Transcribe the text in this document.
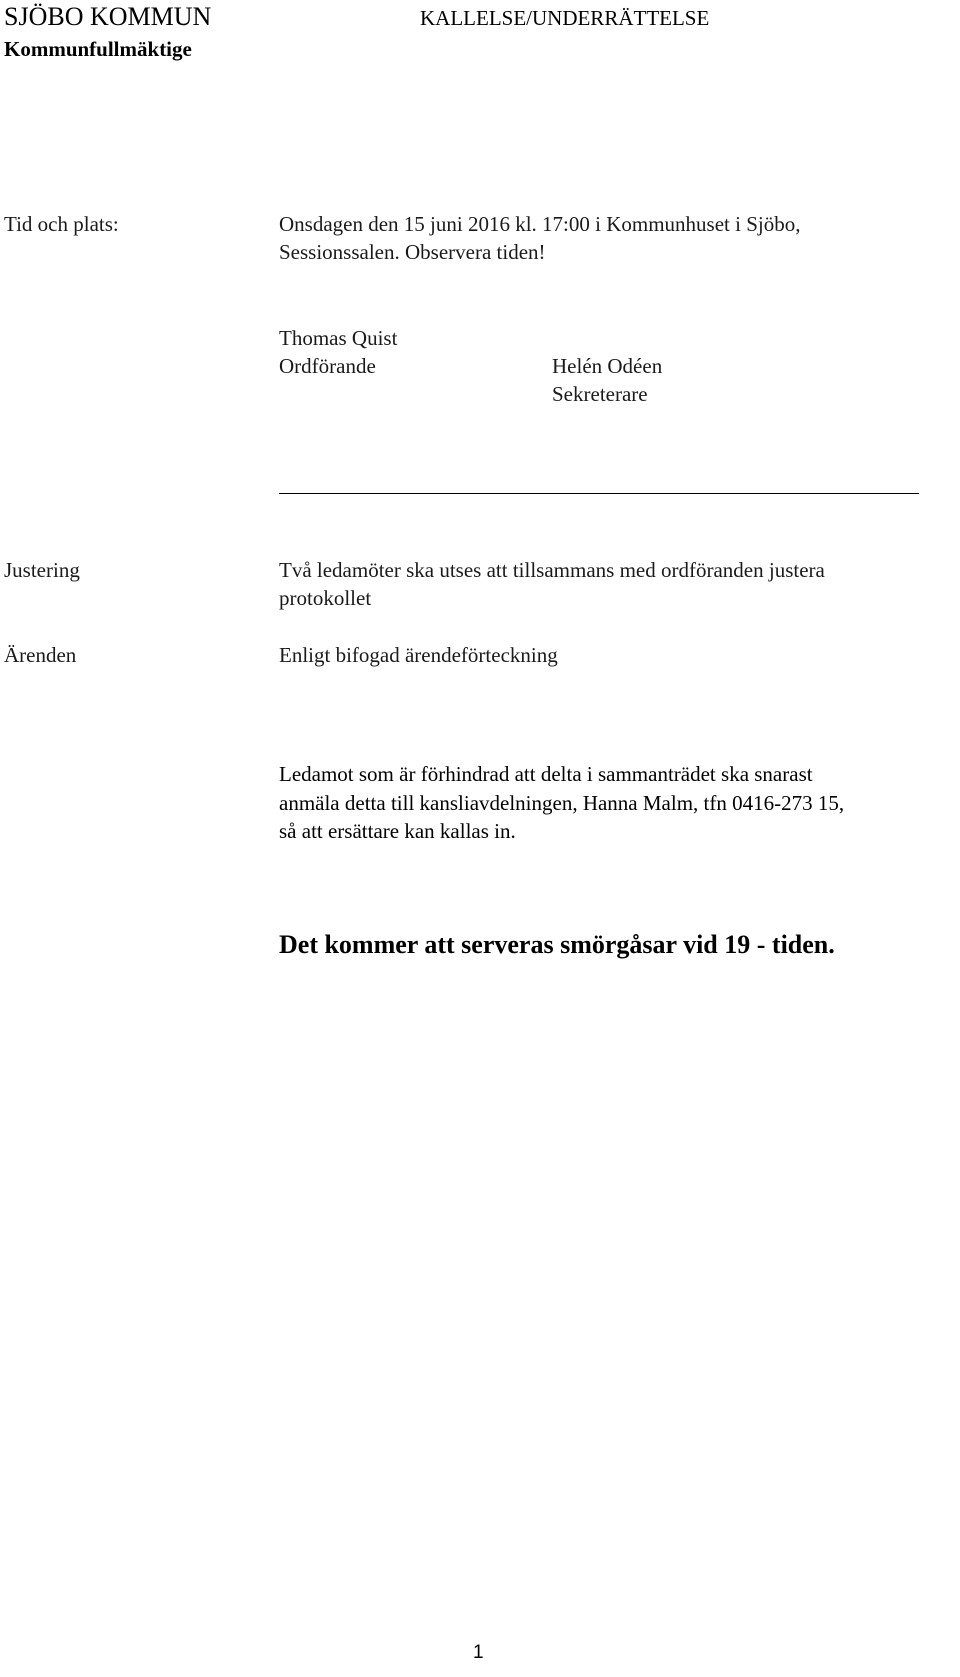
SJÖBO KOMMUN
Kommunfullmäktige
KALLELSE/UNDERRÄTTELSE
Tid och plats:	Onsdagen den 15 juni 2016 kl. 17:00 i Kommunhuset i Sjöbo,
Sessionssalen. Observera tiden!
Thomas Quist
Ordförande	Helén Odéen
Sekreterare
Justering	Två ledamöter ska utses att tillsammans med ordföranden justera
protokollet
Ärenden	Enligt bifogad ärendeförteckning
Ledamot som är förhindrad att delta i sammanträdet ska snarast
anmäla detta till kansliavdelningen, Hanna Malm, tfn 0416-273 15,
så att ersättare kan kallas in.
Det kommer att serveras smörgåsar vid 19 - tiden.
1
